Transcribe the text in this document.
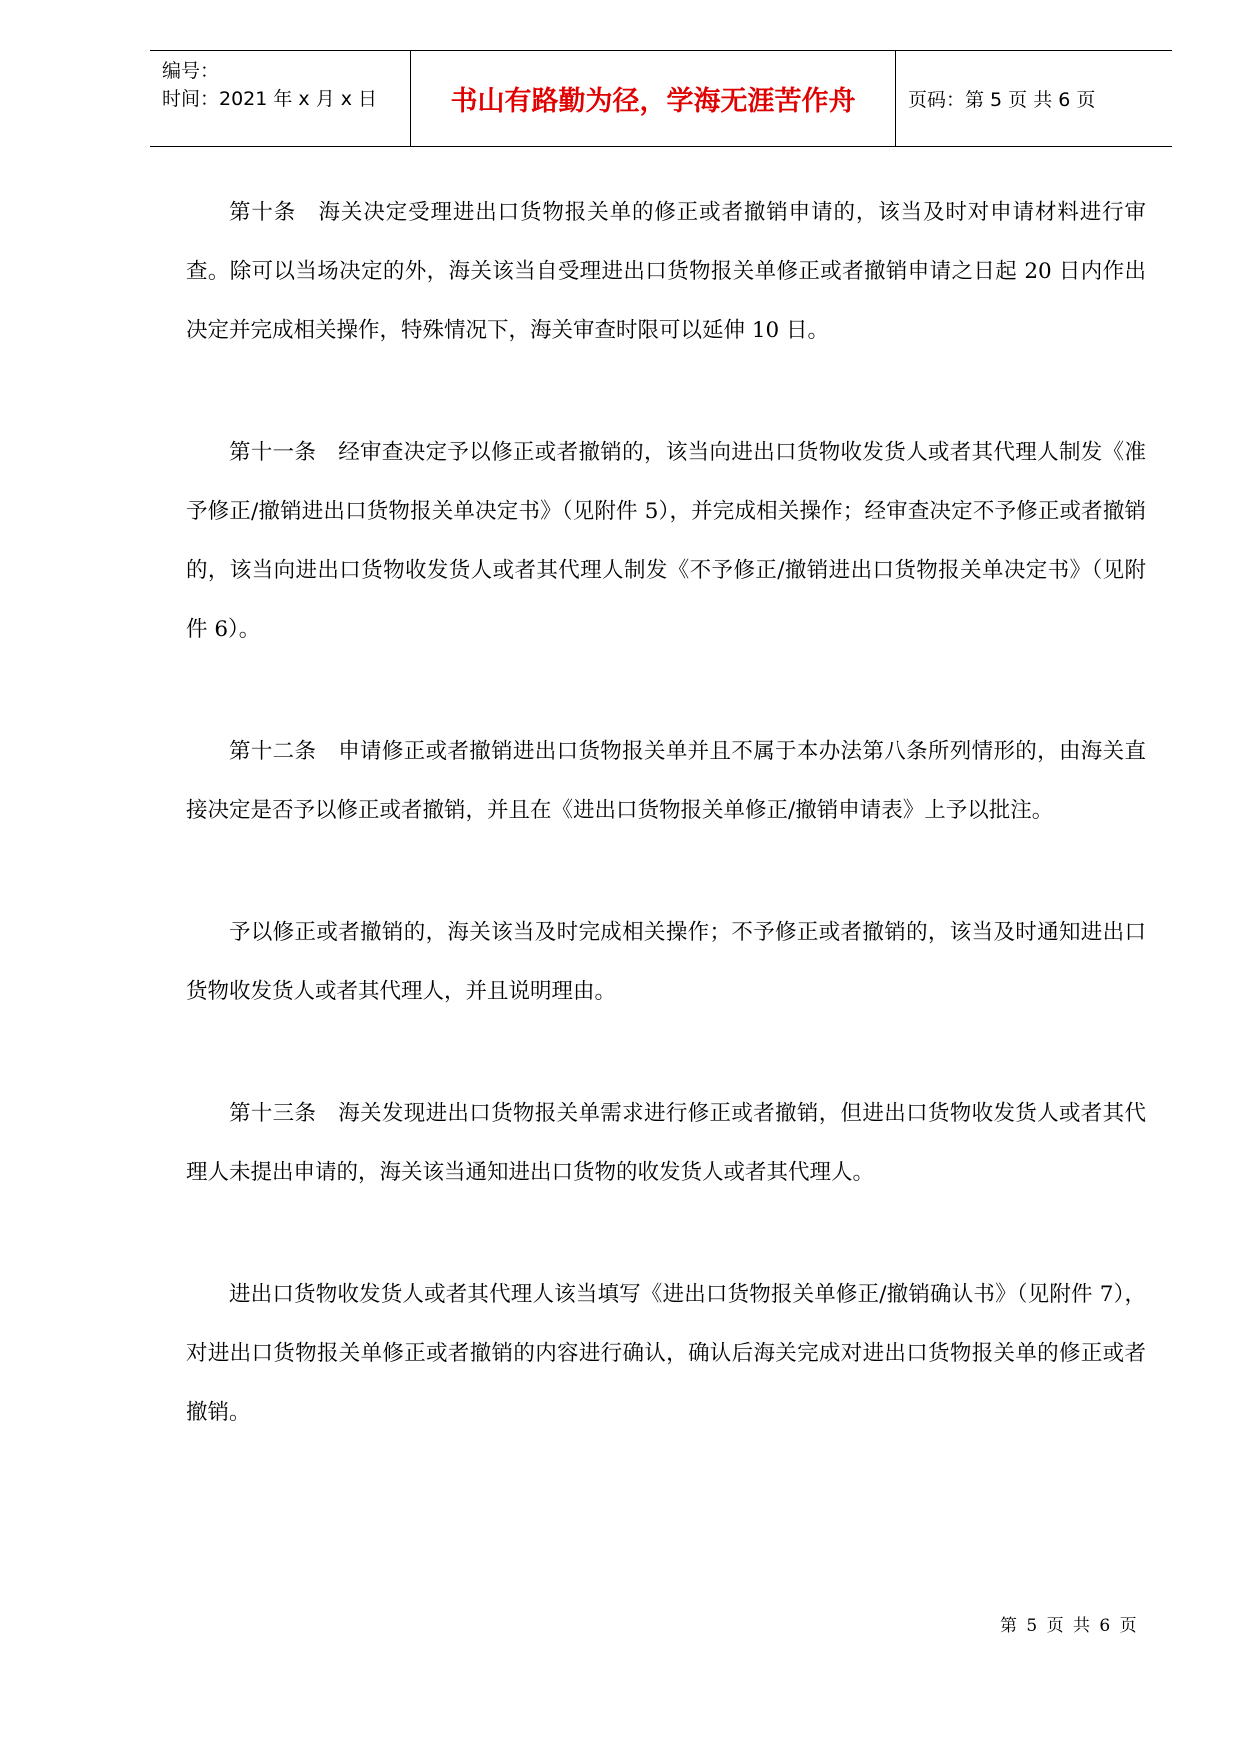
编号：
时间：2021 年 x 月 x 日	书山有路勤为径，学海无涯苦作舟	页码：第 5 页 共 6 页

第十条　海关决定受理进出口货物报关单的修正或者撤销申请的，该当及时对申请材料进行审查。除可以当场决定的外，海关该当自受理进出口货物报关单修正或者撤销申请之日起 20 日内作出决定并完成相关操作，特殊情况下，海关审查时限可以延伸 10 日。

第十一条　经审查决定予以修正或者撤销的，该当向进出口货物收发货人或者其代理人制发《准予修正/撤销进出口货物报关单决定书》（见附件 5），并完成相关操作；经审查决定不予修正或者撤销的，该当向进出口货物收发货人或者其代理人制发《不予修正/撤销进出口货物报关单决定书》（见附件 6）。

第十二条　申请修正或者撤销进出口货物报关单并且不属于本办法第八条所列情形的，由海关直接决定是否予以修正或者撤销，并且在《进出口货物报关单修正/撤销申请表》上予以批注。

予以修正或者撤销的，海关该当及时完成相关操作；不予修正或者撤销的，该当及时通知进出口货物收发货人或者其代理人，并且说明理由。

第十三条　海关发现进出口货物报关单需求进行修正或者撤销，但进出口货物收发货人或者其代理人未提出申请的，海关该当通知进出口货物的收发货人或者其代理人。

进出口货物收发货人或者其代理人该当填写《进出口货物报关单修正/撤销确认书》（见附件 7），对进出口货物报关单修正或者撤销的内容进行确认，确认后海关完成对进出口货物报关单的修正或者撤销。

第 5 页 共 6 页
